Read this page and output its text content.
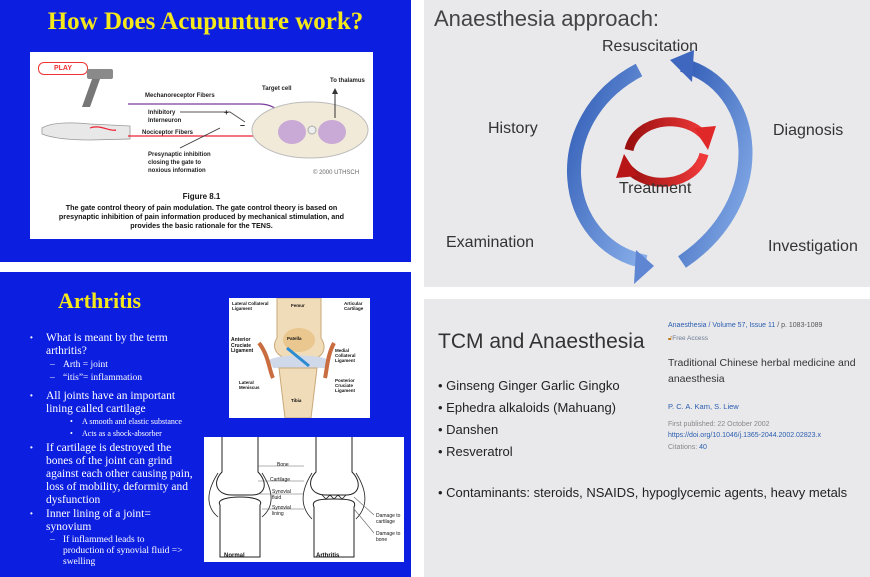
How Does Acupunture work?
PLAY
To thalamus
Target cell
Mechanoreceptor Fibers
Inhibitory
Interneuron
+
–
Nociceptor Fibers
Presynaptic inhibition
closing the gate to
noxious information	© 2000 UTHSCH
Figure 8.1
The gate control theory of pain modulation. The gate control theory is based on
presynaptic inhibition of pain information produced by mechanical stimulation, and
provides the basic rationale for the TENS.
Anaesthesia approach:
Resuscitation
History	Diagnosis
Treatment
Examination	Investigation
Arthritis
• What is meant by the term
arthritis?
– Arth = joint
– “itis”= inflammation
• All joints have an important
lining called cartilage
• A smooth and elastic substance
• Acts as a shock-absorber
• If cartilage is destroyed the
bones of the joint can grind
against each other causing pain,
loss of mobility, deformity and
dysfunction
• Inner lining of a joint=
synovium
– If inflammed leads to
production of synovial fluid =>
swelling
Lateral Collateral
Ligament
Femur	Articular
Cartilage
Patella
Anterior
Cruciate
Ligament	Medial Collateral
Ligament
Lateral
Meniscus
Posterior
Cruciate
Ligament
Tibia
Bone
Cartilage
Synovial
fluid
Synovial
lining	Damage to
cartilage
Damage to
bone
Normal	Arthritis
TCM and Anaesthesia
• Ginseng Ginger Garlic Gingko
• Ephedra alkaloids (Mahuang)
• Danshen
• Resveratrol
• Contaminants: steroids, NSAIDS, hypoglycemic agents, heavy metals
Anaesthesia / Volume 57, Issue 11 / p. 1083-1089
🔓︎Free Access
Traditional Chinese herbal medicine and
anaesthesia
P. C. A. Kam, S. Liew
First published: 22 October 2002
https://doi.org/10.1046/j.1365-2044.2002.02823.x
Citations: 40
